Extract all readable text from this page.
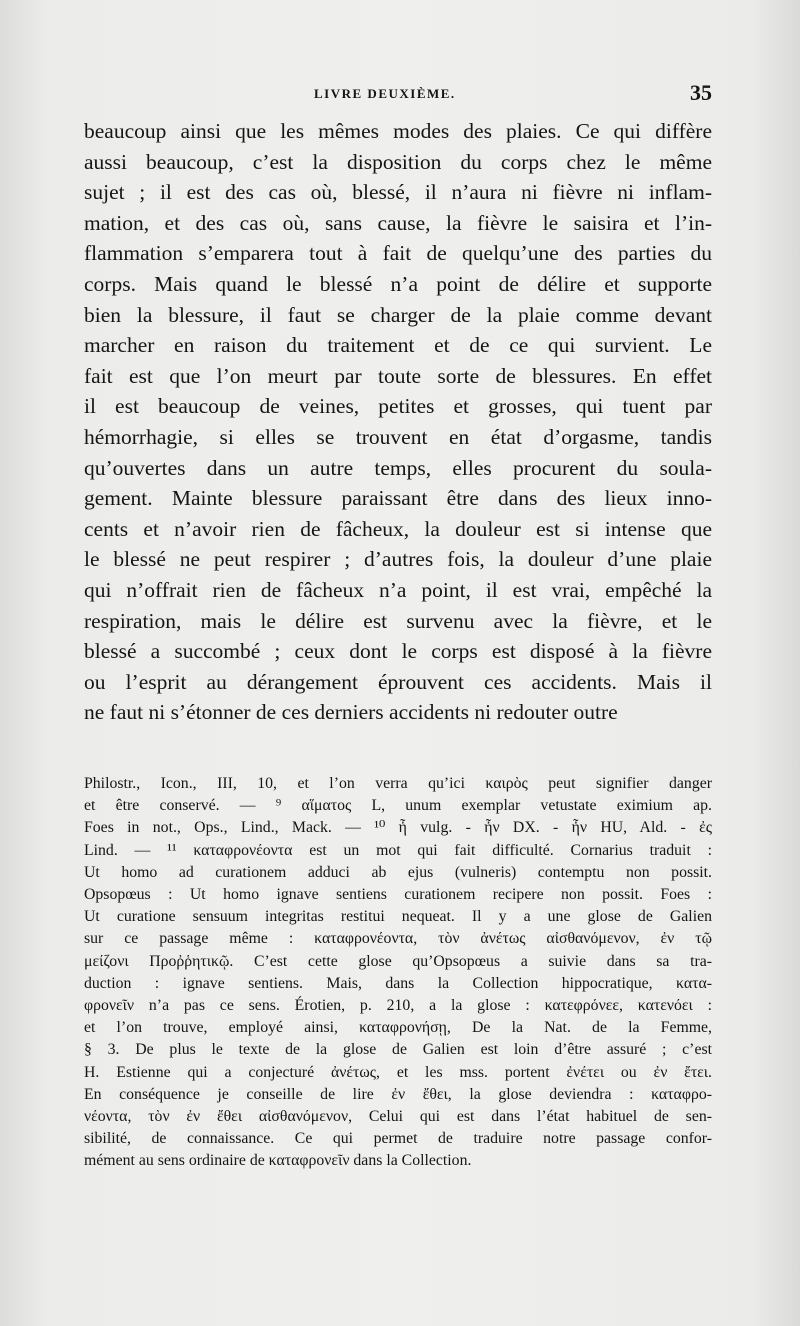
LIVRE DEUXIÈME.	35
beaucoup ainsi que les mêmes modes des plaies. Ce qui diffère
aussi beaucoup, c’est la disposition du corps chez le même
sujet ; il est des cas où, blessé, il n’aura ni fièvre ni inflam-
mation, et des cas où, sans cause, la fièvre le saisira et l’in-
flammation s’emparera tout à fait de quelqu’une des parties du
corps. Mais quand le blessé n’a point de délire et supporte
bien la blessure, il faut se charger de la plaie comme devant
marcher en raison du traitement et de ce qui survient. Le
fait est que l’on meurt par toute sorte de blessures. En effet
il est beaucoup de veines, petites et grosses, qui tuent par
hémorrhagie, si elles se trouvent en état d’orgasme, tandis
qu’ouvertes dans un autre temps, elles procurent du soula-
gement. Mainte blessure paraissant être dans des lieux inno-
cents et n’avoir rien de fâcheux, la douleur est si intense que
le blessé ne peut respirer ; d’autres fois, la douleur d’une plaie
qui n’offrait rien de fâcheux n’a point, il est vrai, empêché la
respiration, mais le délire est survenu avec la fièvre, et le
blessé a succombé ; ceux dont le corps est disposé à la fièvre
ou l’esprit au dérangement éprouvent ces accidents. Mais il
ne faut ni s’étonner de ces derniers accidents ni redouter outre
Philostr., Icon., III, 10, et l’on verra qu’ici καιρὸς peut signifier danger
et être conservé. — ⁹ αἵματος L, unum exemplar vetustate eximium ap.
Foes in not., Ops., Lind., Mack. — ¹⁰ ἦ vulg. - ἦν DX. - ἦν HU, Ald. - ἐς
Lind. — ¹¹ καταφρονέοντα est un mot qui fait difficulté. Cornarius traduit :
Ut homo ad curationem adduci ab ejus (vulneris) contemptu non possit.
Opsopœus : Ut homo ignave sentiens curationem recipere non possit. Foes :
Ut curatione sensuum integritas restitui nequeat. Il y a une glose de Galien
sur ce passage même : καταφρονέοντα, τὸν ἀνέτως αἰσθανόμενον, ἐν τῷ
μείζονι Προῤῥητικῷ. C’est cette glose qu’Opsopœus a suivie dans sa tra-
duction : ignave sentiens. Mais, dans la Collection hippocratique, κατα-
φρονεῖν n’a pas ce sens. Érotien, p. 210, a la glose : κατεφρόνεε, κατενόει :
et l’on trouve, employé ainsi, καταφρονήσῃ, De la Nat. de la Femme,
§ 3. De plus le texte de la glose de Galien est loin d’être assuré ; c’est
H. Estienne qui a conjecturé ἀνέτως, et les mss. portent ἐνέτει ou ἐν ἔτει.
En conséquence je conseille de lire ἐν ἔθει, la glose deviendra : καταφρο-
νέοντα, τὸν ἐν ἔθει αἰσθανόμενον, Celui qui est dans l’état habituel de sen-
sibilité, de connaissance. Ce qui permet de traduire notre passage confor-
mément au sens ordinaire de καταφρονεῖν dans la Collection.
